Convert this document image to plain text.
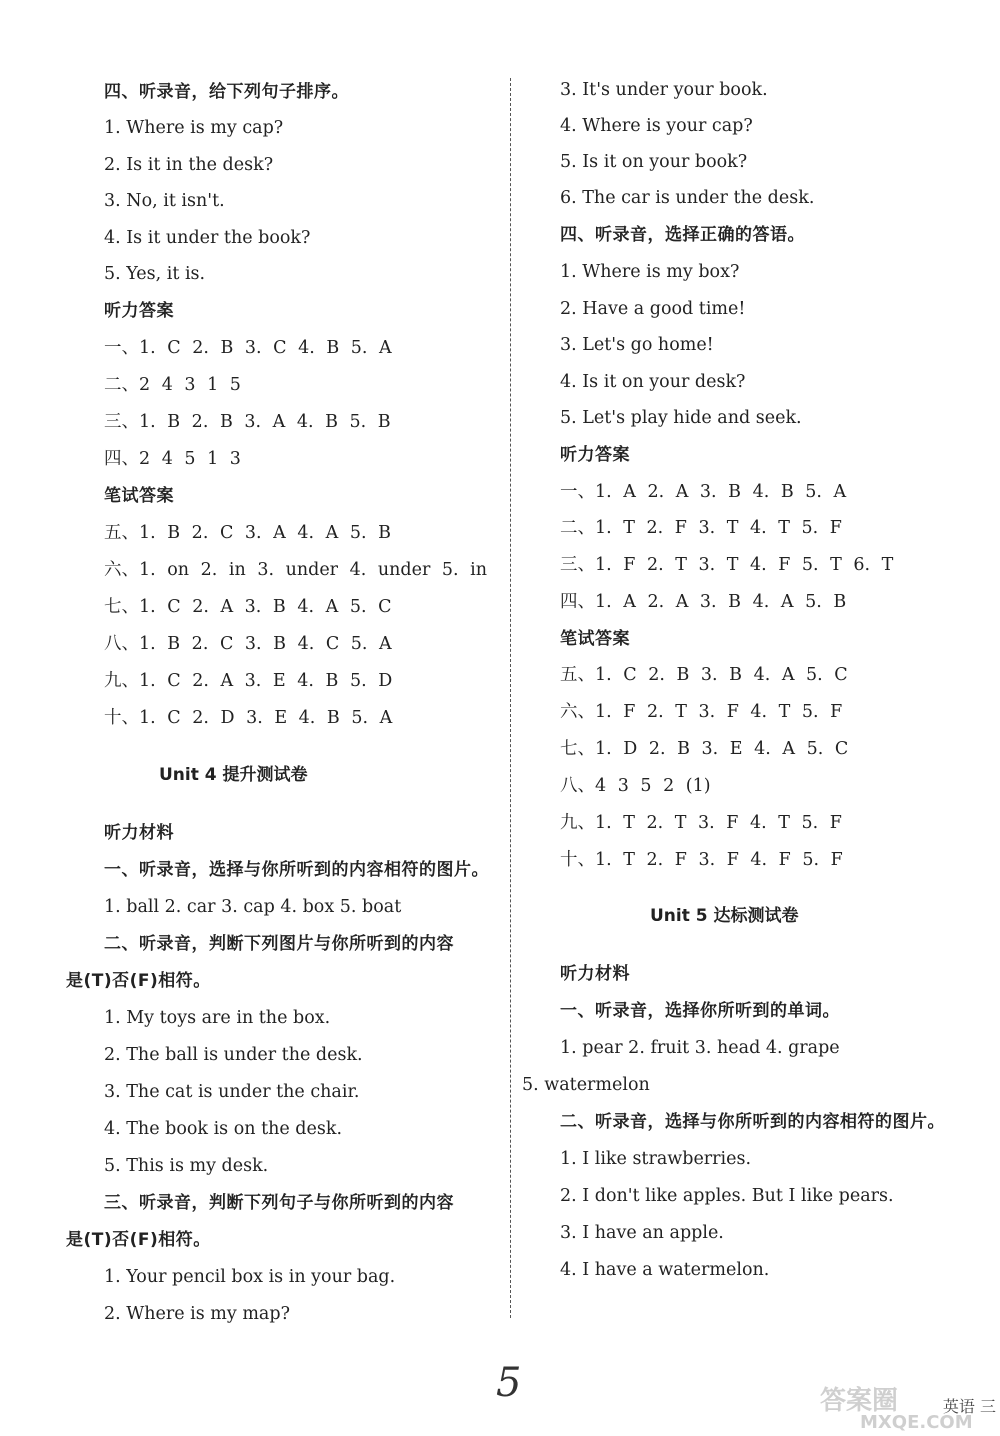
四、听录音，给下列句子排序。
1. Where is my cap?
2. Is it in the desk?
3. No, it isn't.
4. Is it under the book?
5. Yes, it is.
听力答案
一、1. C 2. B 3. C 4. B 5. A
二、2 4 3 1 5
三、1. B 2. B 3. A 4. B 5. B
四、2 4 5 1 3
笔试答案
五、1. B 2. C 3. A 4. A 5. B
六、1. on 2. in 3. under 4. under 5. in
七、1. C 2. A 3. B 4. A 5. C
八、1. B 2. C 3. B 4. C 5. A
九、1. C 2. A 3. E 4. B 5. D
十、1. C 2. D 3. E 4. B 5. A
Unit 4 提升测试卷
听力材料
一、听录音，选择与你所听到的内容相符的图片。
1. ball 2. car 3. cap 4. box 5. boat
二、听录音，判断下列图片与你所听到的内容
是(T)否(F)相符。
1. My toys are in the box.
2. The ball is under the desk.
3. The cat is under the chair.
4. The book is on the desk.
5. This is my desk.
三、听录音，判断下列句子与你所听到的内容
是(T)否(F)相符。
1. Your pencil box is in your bag.
2. Where is my map?
3. It's under your book.
4. Where is your cap?
5. Is it on your book?
6. The car is under the desk.
四、听录音，选择正确的答语。
1. Where is my box?
2. Have a good time!
3. Let's go home!
4. Is it on your desk?
5. Let's play hide and seek.
听力答案
一、1. A 2. A 3. B 4. B 5. A
二、1. T 2. F 3. T 4. T 5. F
三、1. F 2. T 3. T 4. F 5. T 6. T
四、1. A 2. A 3. B 4. A 5. B
笔试答案
五、1. C 2. B 3. B 4. A 5. C
六、1. F 2. T 3. F 4. T 5. F
七、1. D 2. B 3. E 4. A 5. C
八、4 3 5 2 (1)
九、1. T 2. T 3. F 4. T 5. F
十、1. T 2. F 3. F 4. F 5. F
Unit 5 达标测试卷
听力材料
一、听录音，选择你所听到的单词。
1. pear 2. fruit 3. head 4. grape
5. watermelon
二、听录音，选择与你所听到的内容相符的图片。
1. I like strawberries.
2. I don't like apples. But I like pears.
3. I have an apple.
4. I have a watermelon.
5
英语 三
答案圈
MXQE.COM
